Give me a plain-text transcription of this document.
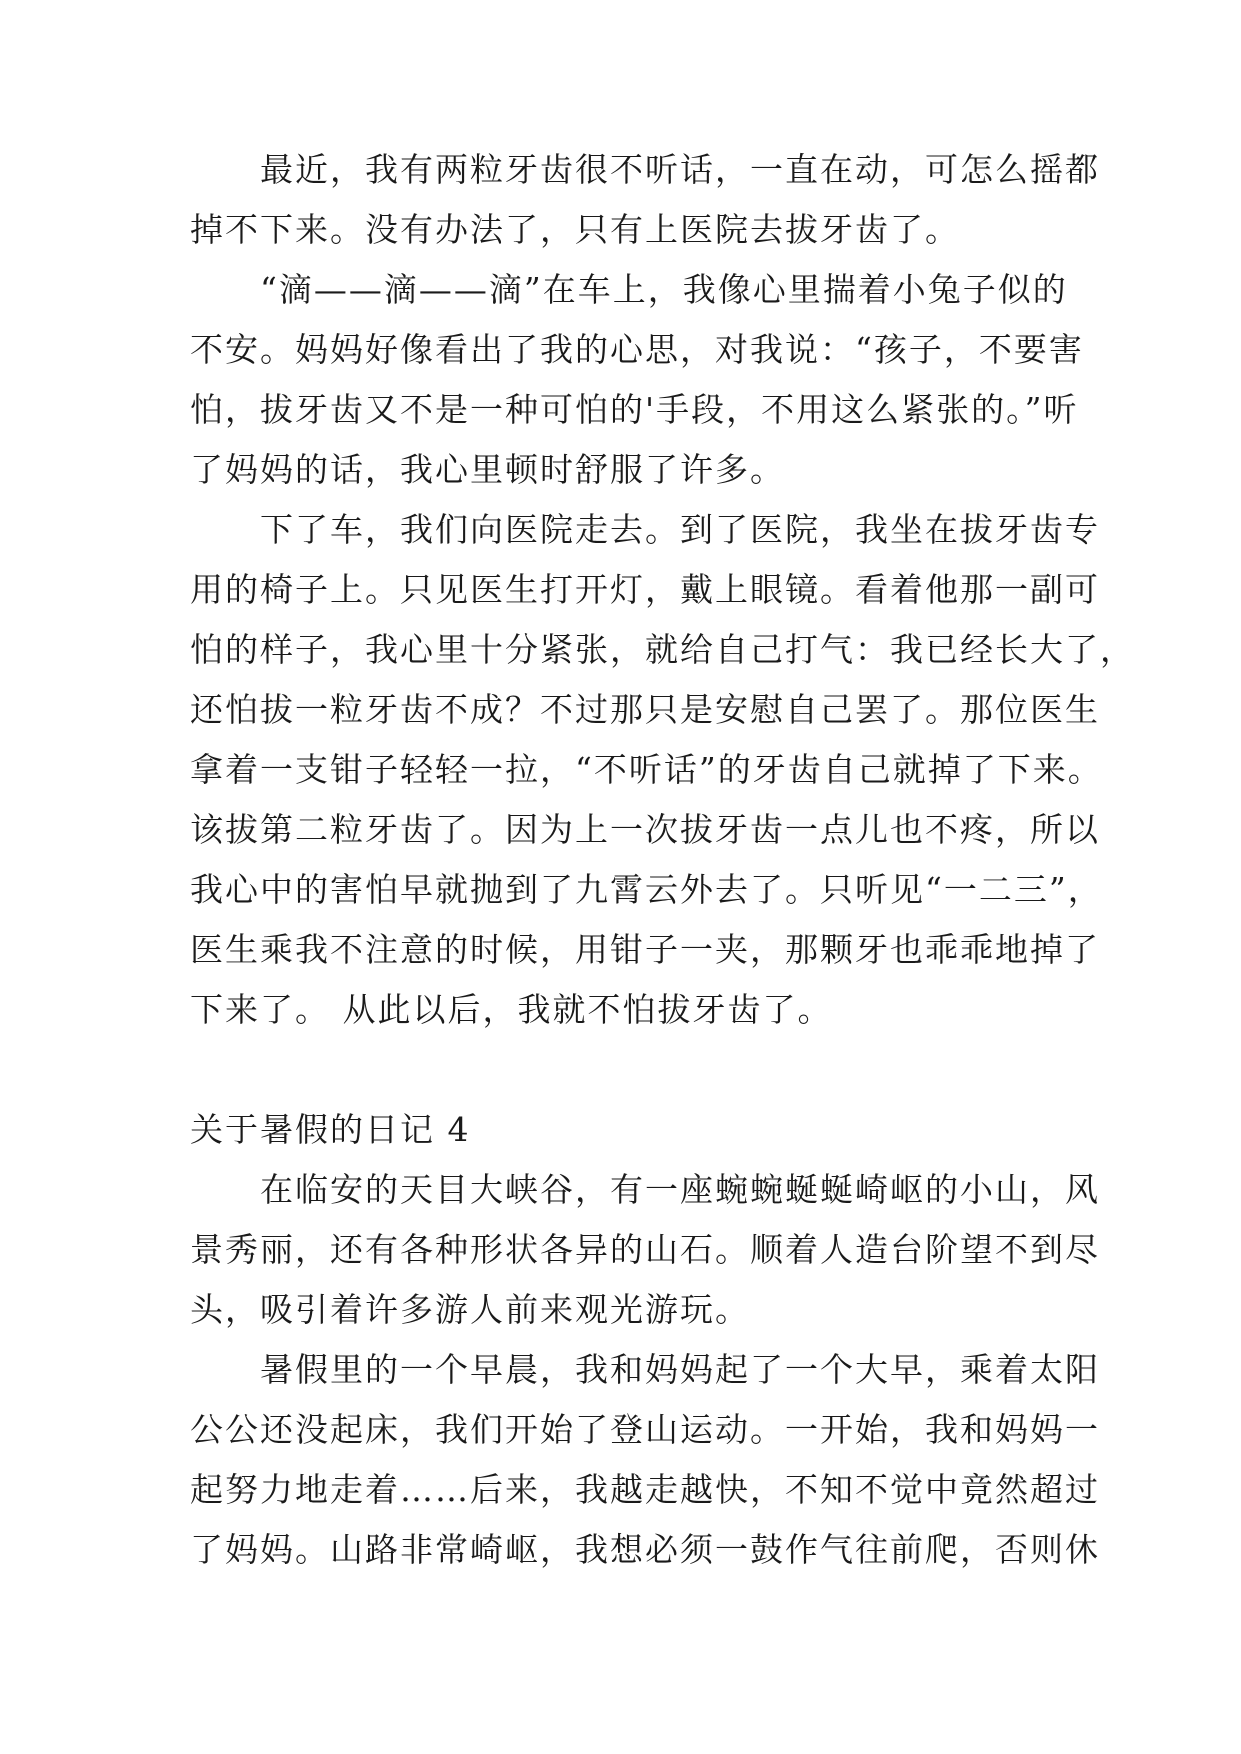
　　最近，我有两粒牙齿很不听话，一直在动，可怎么摇都

掉不下来。没有办法了，只有上医院去拔牙齿了。

　　“滴——滴——滴”在车上，我像心里揣着小兔子似的

不安。妈妈好像看出了我的心思，对我说：“孩子，不要害

怕，拔牙齿又不是一种可怕的'手段，不用这么紧张的。”听

了妈妈的话，我心里顿时舒服了许多。

　　下了车，我们向医院走去。到了医院，我坐在拔牙齿专

用的椅子上。只见医生打开灯，戴上眼镜。看着他那一副可

怕的样子，我心里十分紧张，就给自己打气：我已经长大了，

还怕拔一粒牙齿不成？不过那只是安慰自己罢了。那位医生

拿着一支钳子轻轻一拉，“不听话”的牙齿自己就掉了下来。

该拔第二粒牙齿了。因为上一次拔牙齿一点儿也不疼，所以

我心中的害怕早就抛到了九霄云外去了。只听见“一二三”，

医生乘我不注意的时候，用钳子一夹，那颗牙也乖乖地掉了

下来了。 从此以后，我就不怕拔牙齿了。

关于暑假的日记 4

　　在临安的天目大峡谷，有一座蜿蜿蜒蜒崎岖的小山，风

景秀丽，还有各种形状各异的山石。顺着人造台阶望不到尽

头，吸引着许多游人前来观光游玩。

　　暑假里的一个早晨，我和妈妈起了一个大早，乘着太阳

公公还没起床，我们开始了登山运动。一开始，我和妈妈一

起努力地走着……后来，我越走越快，不知不觉中竟然超过

了妈妈。山路非常崎岖，我想必须一鼓作气往前爬，否则休
